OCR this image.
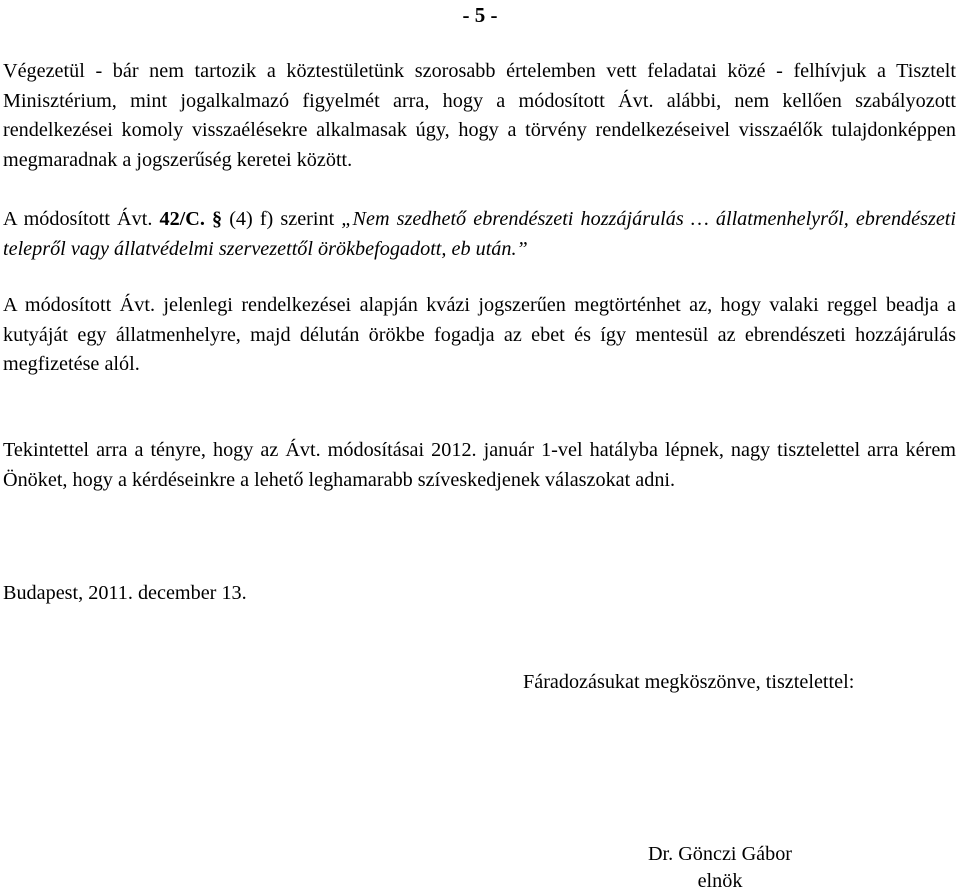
- 5 -

Végezetül - bár nem tartozik a köztestületünk szorosabb értelemben vett feladatai közé - felhívjuk a Tisztelt Minisztérium, mint jogalkalmazó figyelmét arra, hogy a módosított Ávt. alábbi, nem kellően szabályozott rendelkezései komoly visszaélésekre alkalmasak úgy, hogy a törvény rendelkezéseivel visszaélők tulajdonképpen megmaradnak a jogszerűség keretei között.

A módosított Ávt. 42/C. § (4) f) szerint „Nem szedhető ebrendészeti hozzájárulás … állatmenhelyről, ebrendészeti telepről vagy állatvédelmi szervezettől örökbefogadott, eb után.”

A módosított Ávt. jelenlegi rendelkezései alapján kvázi jogszerűen megtörténhet az, hogy valaki reggel beadja a kutyáját egy állatmenhelyre, majd délután örökbe fogadja az ebet és így mentesül az ebrendészeti hozzájárulás megfizetése alól.

Tekintettel arra a tényre, hogy az Ávt. módosításai 2012. január 1-vel hatályba lépnek, nagy tisztelettel arra kérem Önöket, hogy a kérdéseinkre a lehető leghamarabb szíveskedjenek válaszokat adni.

Budapest, 2011. december 13.

Fáradozásukat megköszönve, tisztelettel:

Dr. Gönczi Gábor
elnök
